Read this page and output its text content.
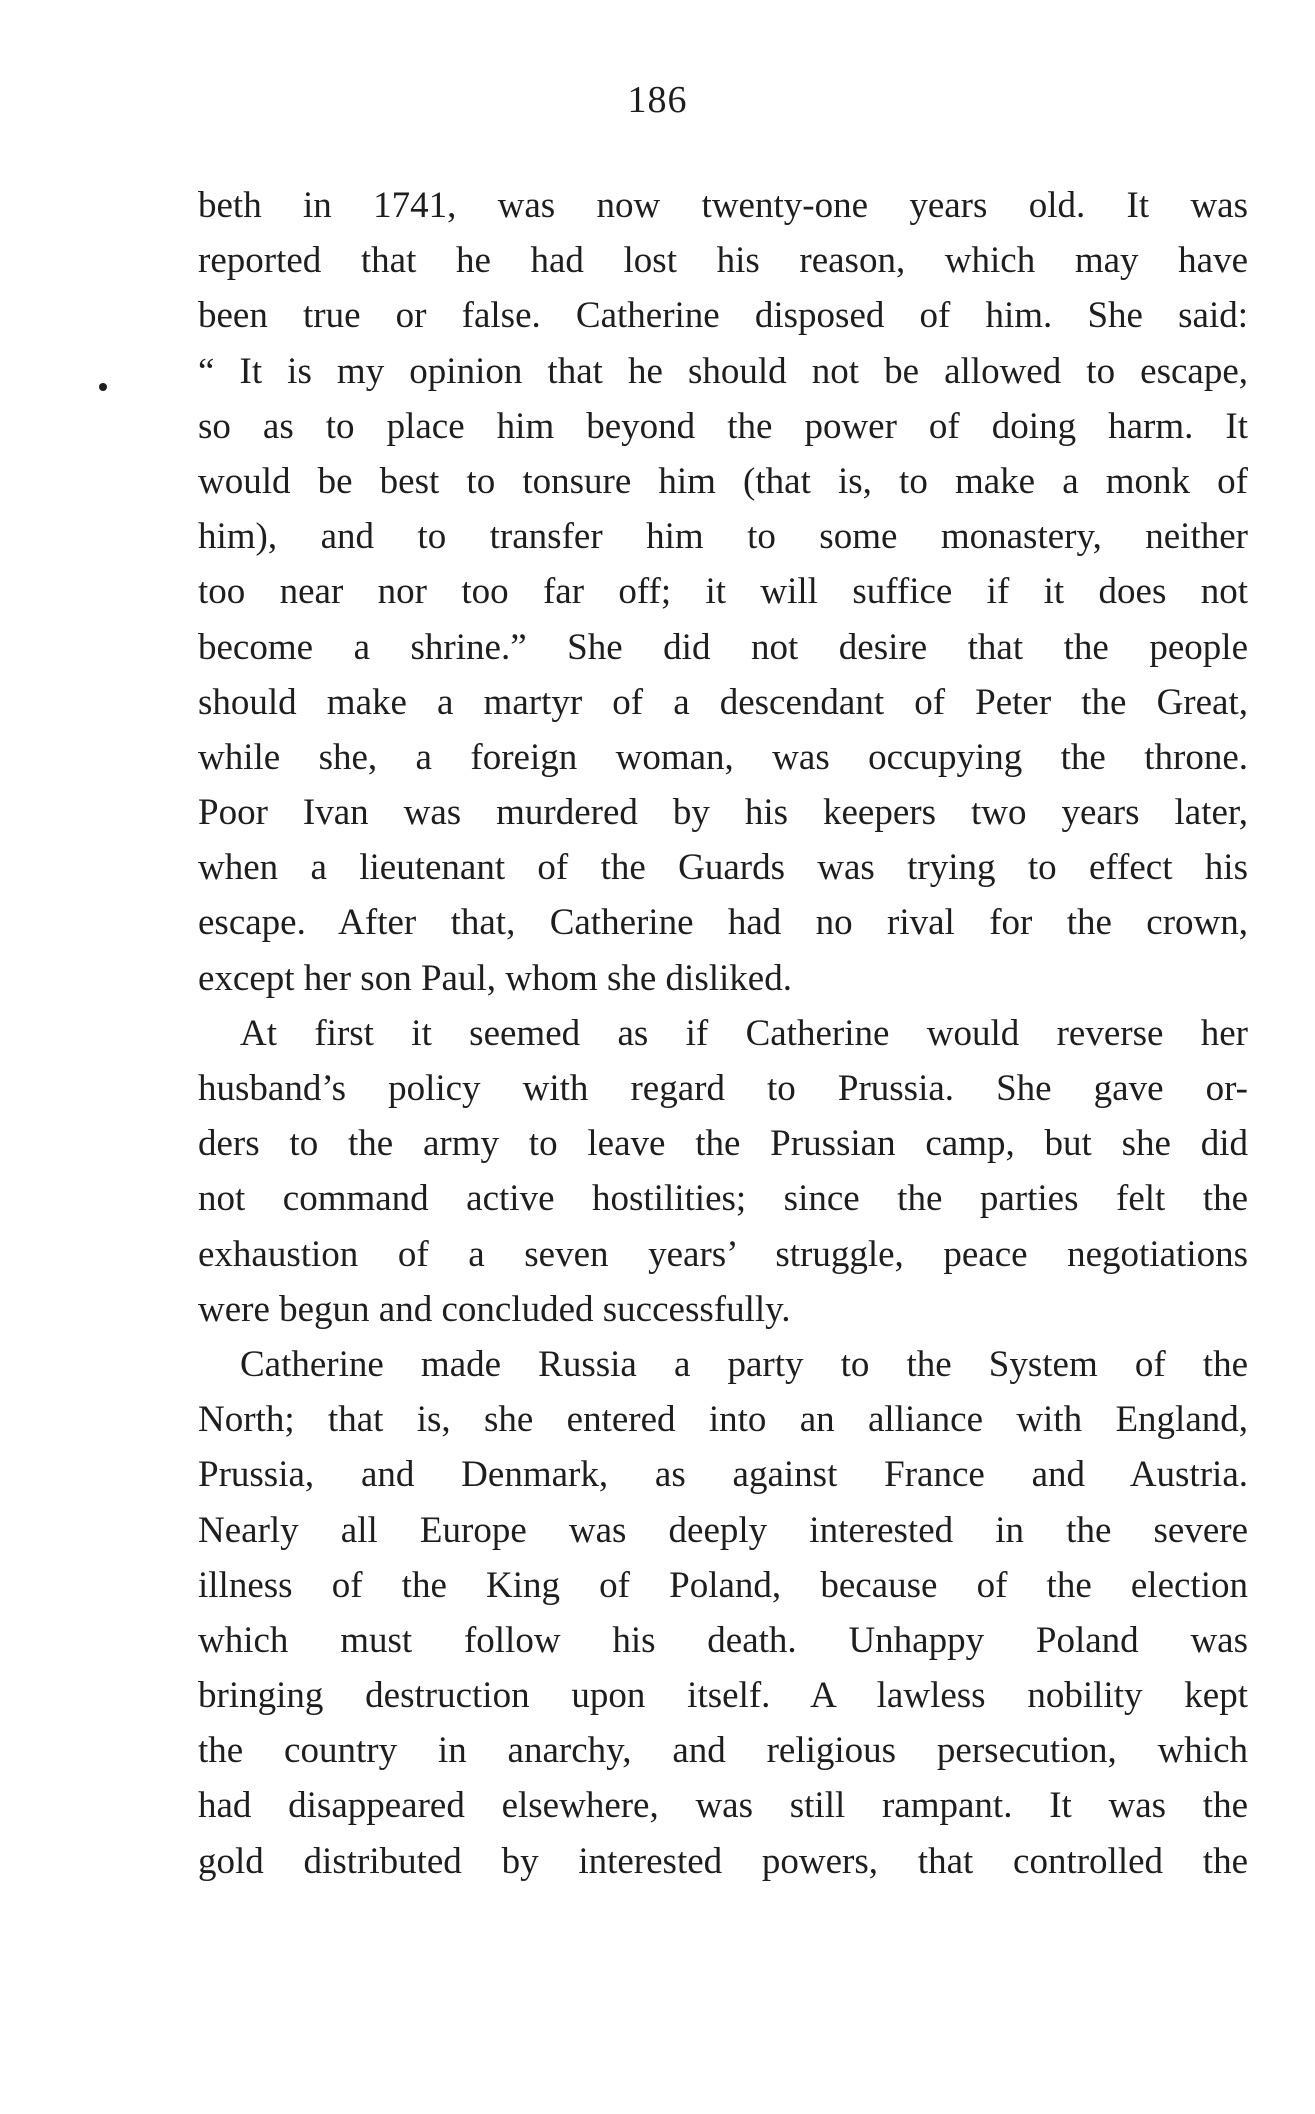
186
beth in 1741, was now twenty-one years old. It was
reported that he had lost his reason, which may have
been true or false. Catherine disposed of him. She said:
“ It is my opinion that he should not be allowed to escape,
so as to place him beyond the power of doing harm. It
would be best to tonsure him (that is, to make a monk of
him), and to transfer him to some monastery, neither
too near nor too far off; it will suffice if it does not
become a shrine.” She did not desire that the people
should make a martyr of a descendant of Peter the Great,
while she, a foreign woman, was occupying the throne.
Poor Ivan was murdered by his keepers two years later,
when a lieutenant of the Guards was trying to effect his
escape. After that, Catherine had no rival for the crown,
except her son Paul, whom she disliked.
At first it seemed as if Catherine would reverse her
husband’s policy with regard to Prussia. She gave or-
ders to the army to leave the Prussian camp, but she did
not command active hostilities; since the parties felt the
exhaustion of a seven years’ struggle, peace negotiations
were begun and concluded successfully.
Catherine made Russia a party to the System of the
North; that is, she entered into an alliance with England,
Prussia, and Denmark, as against France and Austria.
Nearly all Europe was deeply interested in the severe
illness of the King of Poland, because of the election
which must follow his death. Unhappy Poland was
bringing destruction upon itself. A lawless nobility kept
the country in anarchy, and religious persecution, which
had disappeared elsewhere, was still rampant. It was the
gold distributed by interested powers, that controlled the
